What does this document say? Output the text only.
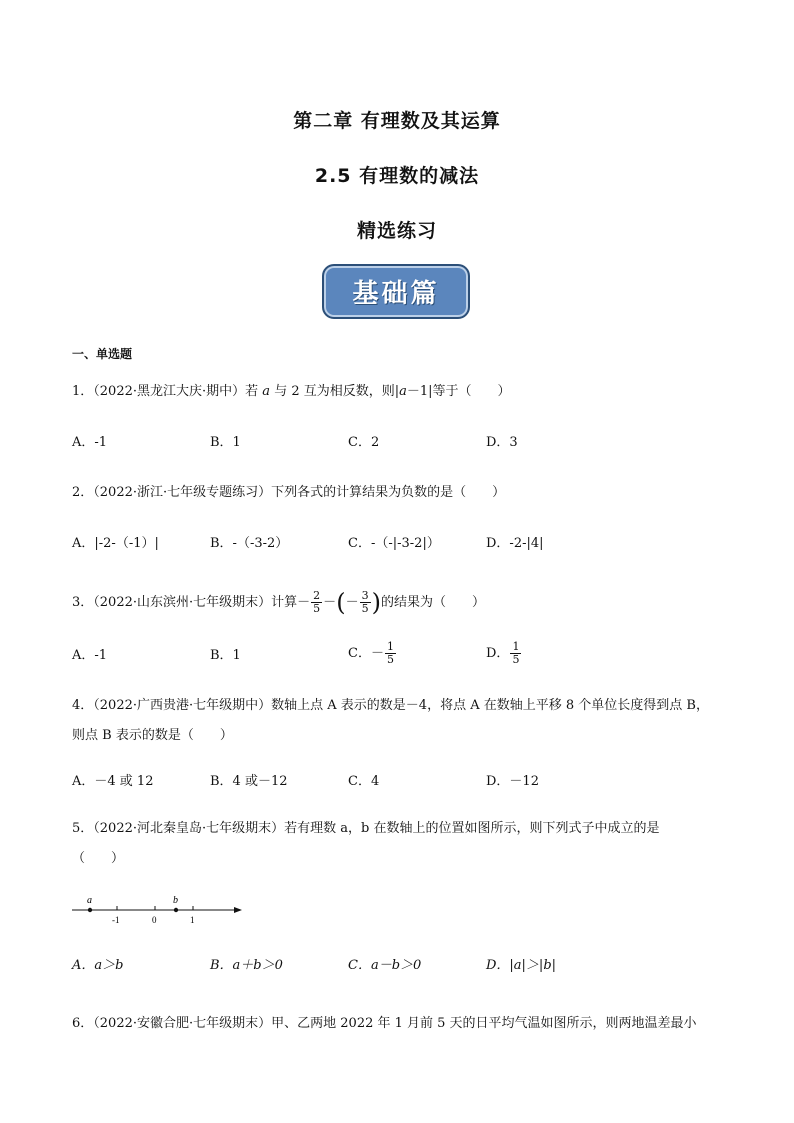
第二章 有理数及其运算
2.5 有理数的减法
精选练习
基础篇
一、单选题
1．（2022·黑龙江大庆·期中）若 a 与 2 互为相反数，则|a－1|等于（　　）
A．-1	B．1	C．2	D．3
2．（2022·浙江·七年级专题练习）下列各式的计算结果为负数的是（　　）
A．|-2-（-1）|	B．-（-3-2）	C．-（-|-3-2|）	D．-2-|4|
3．（2022·山东滨州·七年级期末）计算－ $\frac{2}{5}$ －(－ $\frac{3}{5}$ )的结果为（　　）
A．-1	B．1	C．－ $\frac{1}{5}$	D． $\frac{1}{5}$
4．（2022·广西贵港·七年级期中）数轴上点 A 表示的数是－4，将点 A 在数轴上平移 8 个单位长度得到点 B，
则点 B 表示的数是（　　）
A．－4 或 12	B．4 或－12	C．4	D．－12
5．（2022·河北秦皇岛·七年级期末）若有理数 a，b 在数轴上的位置如图所示，则下列式子中成立的是
（　　）
a	b
-1	0	1
A．a＞b	B．a＋b＞0	C．a－b＞0	D．|a|＞|b|
6．（2022·安徽合肥·七年级期末）甲、乙两地 2022 年 1 月前 5 天的日平均气温如图所示，则两地温差最小
